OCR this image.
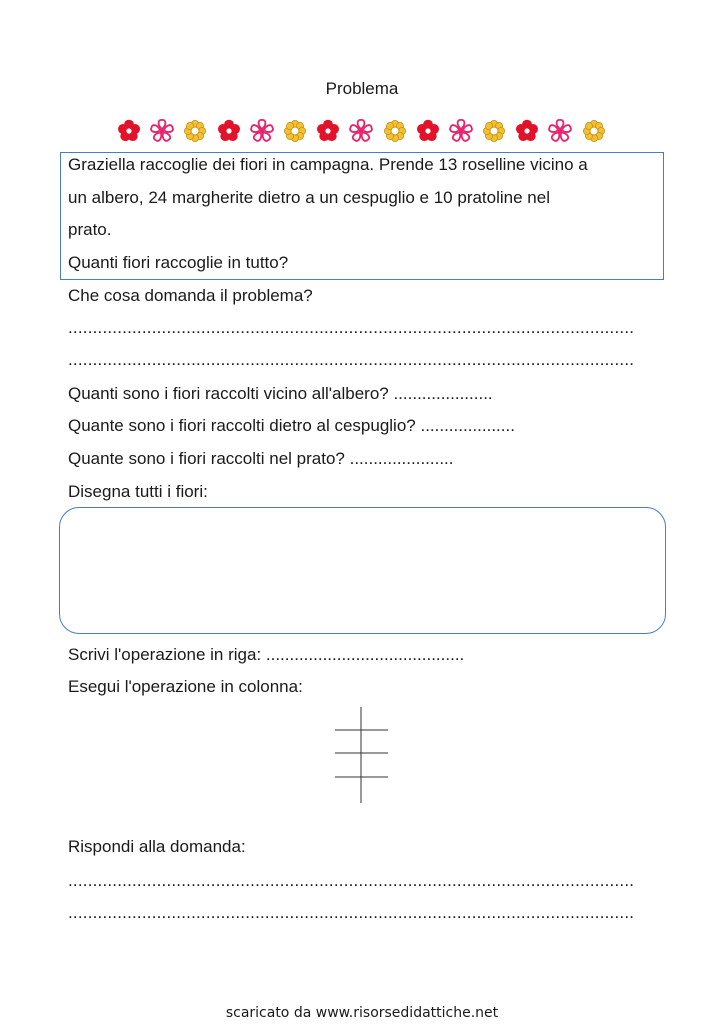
Problema
Graziella raccoglie dei fiori in campagna. Prende 13 roselline vicino a
un albero, 24 margherite dietro a un cespuglio e 10 pratoline nel
prato.
Quanti fiori raccoglie in tutto?
Che cosa domanda il problema?
...................................................................................................................
...................................................................................................................
Quanti sono i fiori raccolti vicino all'albero? .....................
Quante sono i fiori raccolti dietro al cespuglio? ....................
Quante sono i fiori raccolti nel prato? ......................
Disegna tutti i fiori:
Scrivi l'operazione in riga: ..........................................
Esegui l'operazione in colonna:
Rispondi alla domanda:
...................................................................................................................
...................................................................................................................
scaricato da www.risorsedidattiche.net
